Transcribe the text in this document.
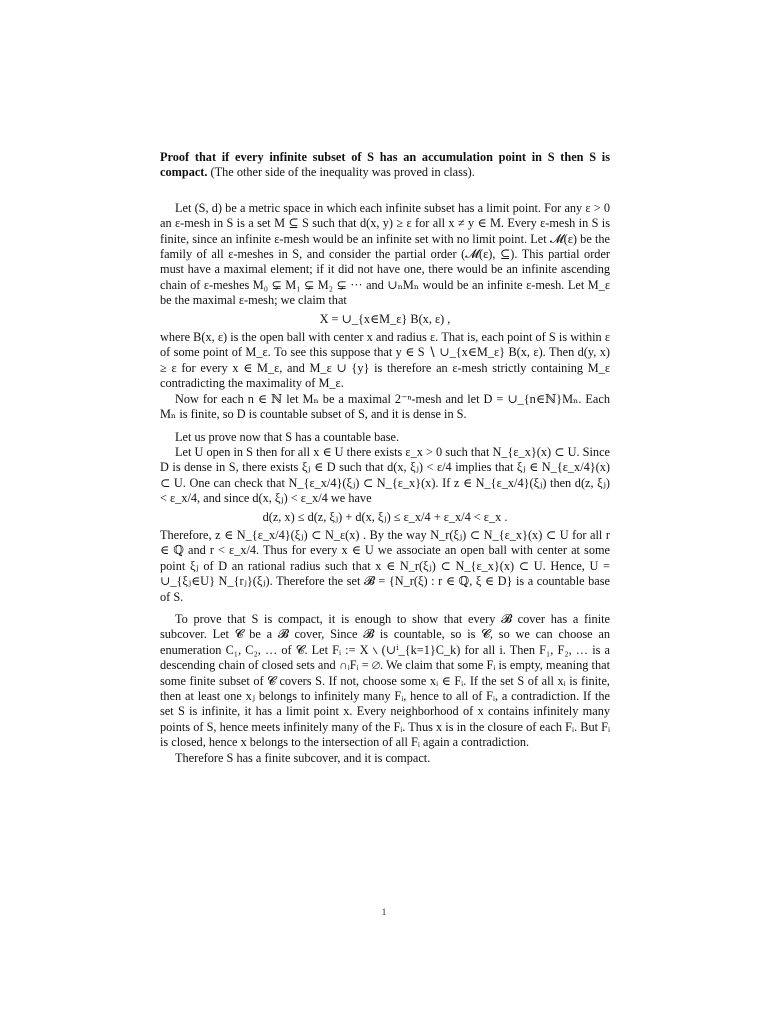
Proof that if every infinite subset of S has an accumulation point in S then S is compact. (The other side of the inequality was proved in class).

Let (S, d) be a metric space in which each infinite subset has a limit point. For any ε > 0 an ε-mesh in S is a set M ⊆ S such that d(x, y) ≥ ε for all x ≠ y ∈ M. Every ε-mesh in S is finite, since an infinite ε-mesh would be an infinite set with no limit point. Let 𝓜(ε) be the family of all ε-meshes in S, and consider the partial order (𝓜(ε), ⊆). This partial order must have a maximal element; if it did not have one, there would be an infinite ascending chain of ε-meshes M₀ ⊊ M₁ ⊊ M₂ ⊊ ··· and ∪ₙMₙ would be an infinite ε-mesh. Let M_ε be the maximal ε-mesh; we claim that

X = ∪_{x∈M_ε} B(x, ε) ,

where B(x, ε) is the open ball with center x and radius ε. That is, each point of S is within ε of some point of M_ε. To see this suppose that y ∈ S ∖ ∪_{x∈M_ε} B(x, ε). Then d(y, x) ≥ ε for every x ∈ M_ε, and M_ε ∪ {y} is therefore an ε-mesh strictly containing M_ε contradicting the maximality of M_ε.

Now for each n ∈ ℕ let Mₙ be a maximal 2⁻ⁿ-mesh and let D = ∪_{n∈ℕ}Mₙ. Each Mₙ is finite, so D is countable subset of S, and it is dense in S.

Let us prove now that S has a countable base.

Let U open in S then for all x ∈ U there exists ε_x > 0 such that N_{ε_x}(x) ⊂ U. Since D is dense in S, there exists ξⱼ ∈ D such that d(x, ξⱼ) < ε/4 implies that ξⱼ ∈ N_{ε_x/4}(x) ⊂ U. One can check that N_{ε_x/4}(ξⱼ) ⊂ N_{ε_x}(x). If z ∈ N_{ε_x/4}(ξⱼ) then d(z, ξⱼ) < ε_x/4, and since d(x, ξⱼ) < ε_x/4 we have

d(z, x) ≤ d(z, ξⱼ) + d(x, ξⱼ) ≤ ε_x/4 + ε_x/4 < ε_x .

Therefore, z ∈ N_{ε_x/4}(ξⱼ) ⊂ N_ε(x) . By the way N_r(ξⱼ) ⊂ N_{ε_x}(x) ⊂ U for all r ∈ ℚ and r < ε_x/4. Thus for every x ∈ U we associate an open ball with center at some point ξⱼ of D an rational radius such that x ∈ N_r(ξⱼ) ⊂ N_{ε_x}(x) ⊂ U. Hence, U = ∪_{ξⱼ∈U} N_{rⱼ}(ξⱼ). Therefore the set 𝓑 = {N_r(ξ) : r ∈ ℚ, ξ ∈ D} is a countable base of S.

To prove that S is compact, it is enough to show that every 𝓑 cover has a finite subcover. Let 𝓒 be a 𝓑 cover, Since 𝓑 is countable, so is 𝓒, so we can choose an enumeration C₁, C₂, … of 𝓒. Let Fᵢ := X ∖ (∪ⁱ_{k=1}C_k) for all i. Then F₁, F₂, … is a descending chain of closed sets and ∩ᵢFᵢ = ∅. We claim that some Fᵢ is empty, meaning that some finite subset of 𝓒 covers S. If not, choose some xᵢ ∈ Fᵢ. If the set S of all xᵢ is finite, then at least one xⱼ belongs to infinitely many Fᵢ, hence to all of Fᵢ, a contradiction. If the set S is infinite, it has a limit point x. Every neighborhood of x contains infinitely many points of S, hence meets infinitely many of the Fᵢ. Thus x is in the closure of each Fᵢ. But Fᵢ is closed, hence x belongs to the intersection of all Fᵢ again a contradiction.

Therefore S has a finite subcover, and it is compact.

1
